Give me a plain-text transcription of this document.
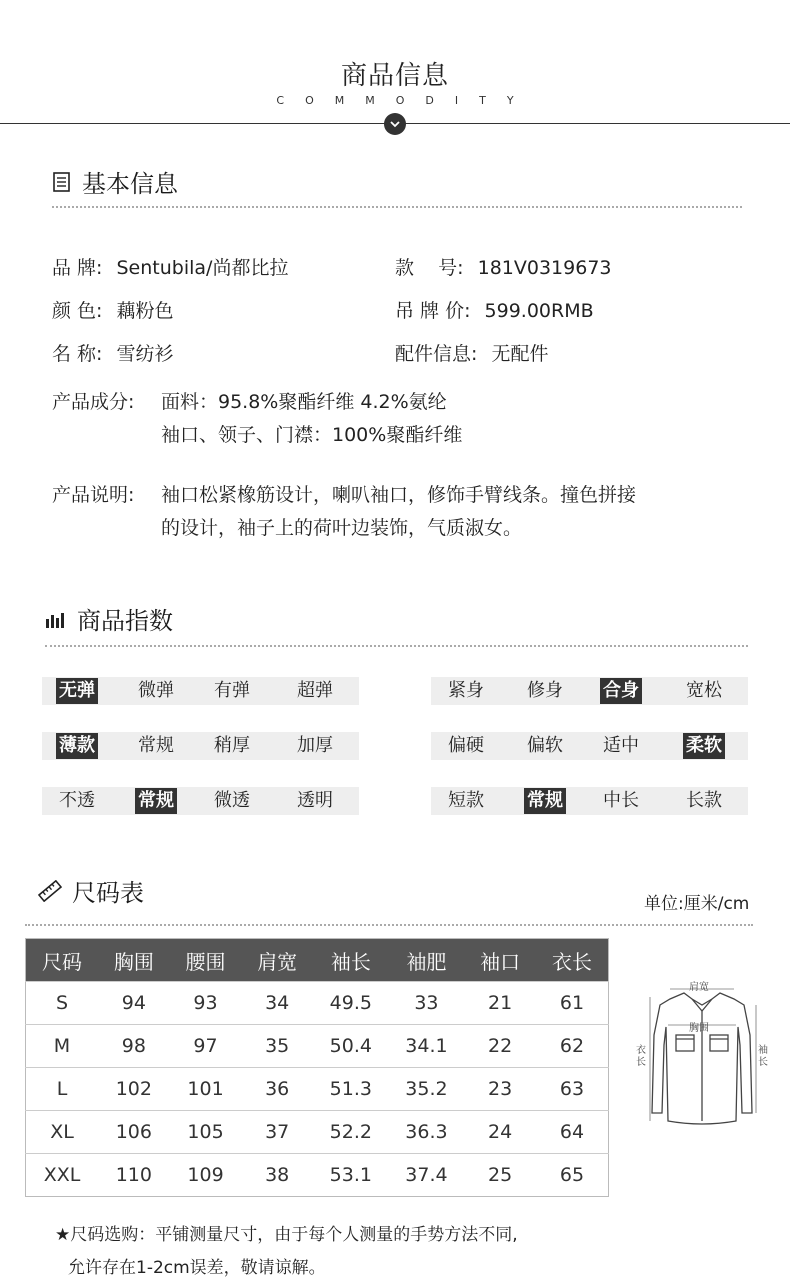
商品信息
COMMODITY
基本信息
品 牌: Sentubila/尚都比拉	款    号: 181V0319673
颜 色: 藕粉色	吊 牌 价: 599.00RMB
名 称: 雪纺衫	配件信息: 无配件
产品成分: 面料：95.8%聚酯纤维 4.2%氨纶
袖口、领子、门襟：100%聚酯纤维
产品说明: 袖口松紧橡筋设计，喇叭袖口，修饰手臂线条。撞色拼接
的设计，袖子上的荷叶边装饰，气质淑女。
商品指数
无弹	微弹	有弹	超弹
薄款	常规	稍厚	加厚
不透	常规	微透	透明
紧身	修身	合身	宽松
偏硬	偏软	适中	柔软
短款	常规	中长	长款
尺码表	单位:厘米/cm
尺码	胸围	腰围	肩宽	袖长	袖肥	袖口	衣长
S	94	93	34	49.5	33	21	61
M	98	97	35	50.4	34.1	22	62
L	102	101	36	51.3	35.2	23	63
XL	106	105	37	52.2	36.3	24	64
XXL	110	109	38	53.1	37.4	25	65
肩宽
胸围
衣长
袖长
★尺码选购：平铺测量尺寸，由于每个人测量的手势方法不同,
允许存在1-2cm误差，敬请谅解。
